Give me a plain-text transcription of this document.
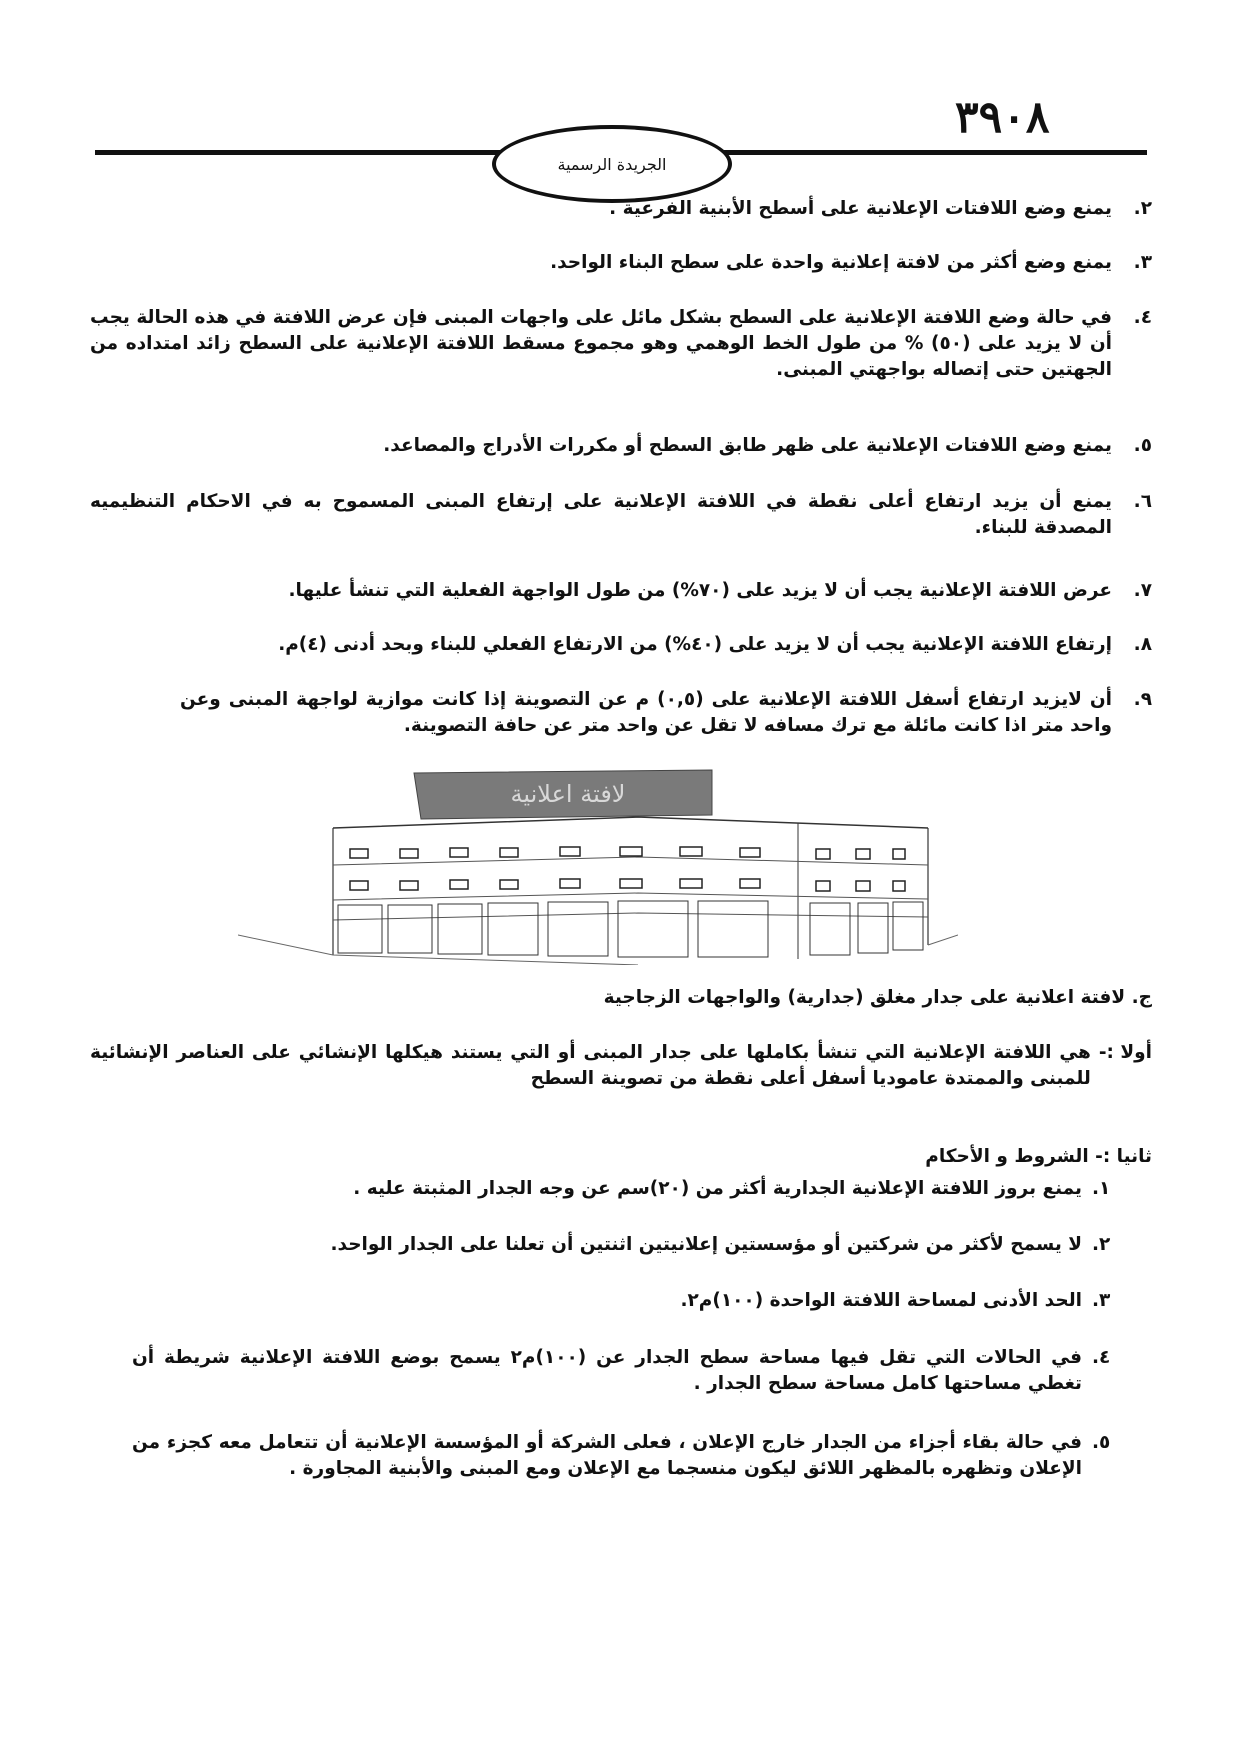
٣٩٠٨
الجريدة الرسمية
٢.
يمنع وضع اللافتات الإعلانية على أسطح الأبنية الفرعية .
٣.
يمنع وضع أكثر من لافتة إعلانية واحدة على سطح البناء الواحد.
٤.
في حالة وضع اللافتة الإعلانية على السطح بشكل مائل على واجهات المبنى فإن عرض اللافتة في هذه الحالة يجب أن لا يزيد على (٥٠) % من طول الخط الوهمي وهو مجموع مسقط اللافتة الإعلانية على السطح زائد امتداده من الجهتين حتى إتصاله بواجهتي المبنى.
٥.
يمنع وضع اللافتات الإعلانية على ظهر طابق السطح أو مكررات الأدراج والمصاعد.
٦.
يمنع أن يزيد ارتفاع أعلى نقطة في اللافتة الإعلانية على إرتفاع المبنى المسموح به في الاحكام التنظيميه المصدقة للبناء.
٧.
عرض اللافتة الإعلانية يجب أن لا يزيد على (٧٠%) من طول الواجهة الفعلية التي تنشأ عليها.
٨.
إرتفاع اللافتة الإعلانية يجب أن لا يزيد على (٤٠%) من الارتفاع الفعلي للبناء وبحد أدنى (٤)م.
٩.
أن لايزيد ارتفاع أسفل اللافتة الإعلانية على (٠,٥) م عن التصوينة إذا كانت موازية لواجهة المبنى وعن واحد متر اذا كانت مائلة مع ترك مسافه لا تقل عن واحد متر عن حافة التصوينة.
لافتة اعلانية
ج. لافتة اعلانية على جدار مغلق (جدارية) والواجهات الزجاجية
أولا :-
هي اللافتة الإعلانية التي تنشأ بكاملها على جدار المبنى أو التي يستند هيكلها الإنشائي على العناصر الإنشائية للمبنى والممتدة عاموديا أسفل أعلى نقطة من تصوينة السطح
ثانيا :- الشروط و الأحكام
١.
يمنع بروز اللافتة الإعلانية الجدارية أكثر من (٢٠)سم عن وجه الجدار المثبتة عليه .
٢.
لا يسمح لأكثر من شركتين أو مؤسستين إعلانيتين اثنتين أن تعلنا على الجدار الواحد.
٣.
الحد الأدنى لمساحة اللافتة الواحدة (١٠٠)م٢.
٤.
في الحالات التي تقل فيها مساحة سطح الجدار عن (١٠٠)م٢ يسمح بوضع اللافتة الإعلانية شريطة أن تغطي مساحتها كامل مساحة سطح الجدار .
٥.
في حالة بقاء أجزاء من الجدار خارج الإعلان ، فعلى الشركة أو المؤسسة الإعلانية أن تتعامل معه كجزء من الإعلان وتظهره بالمظهر اللائق ليكون منسجما مع الإعلان ومع المبنى والأبنية المجاورة .
